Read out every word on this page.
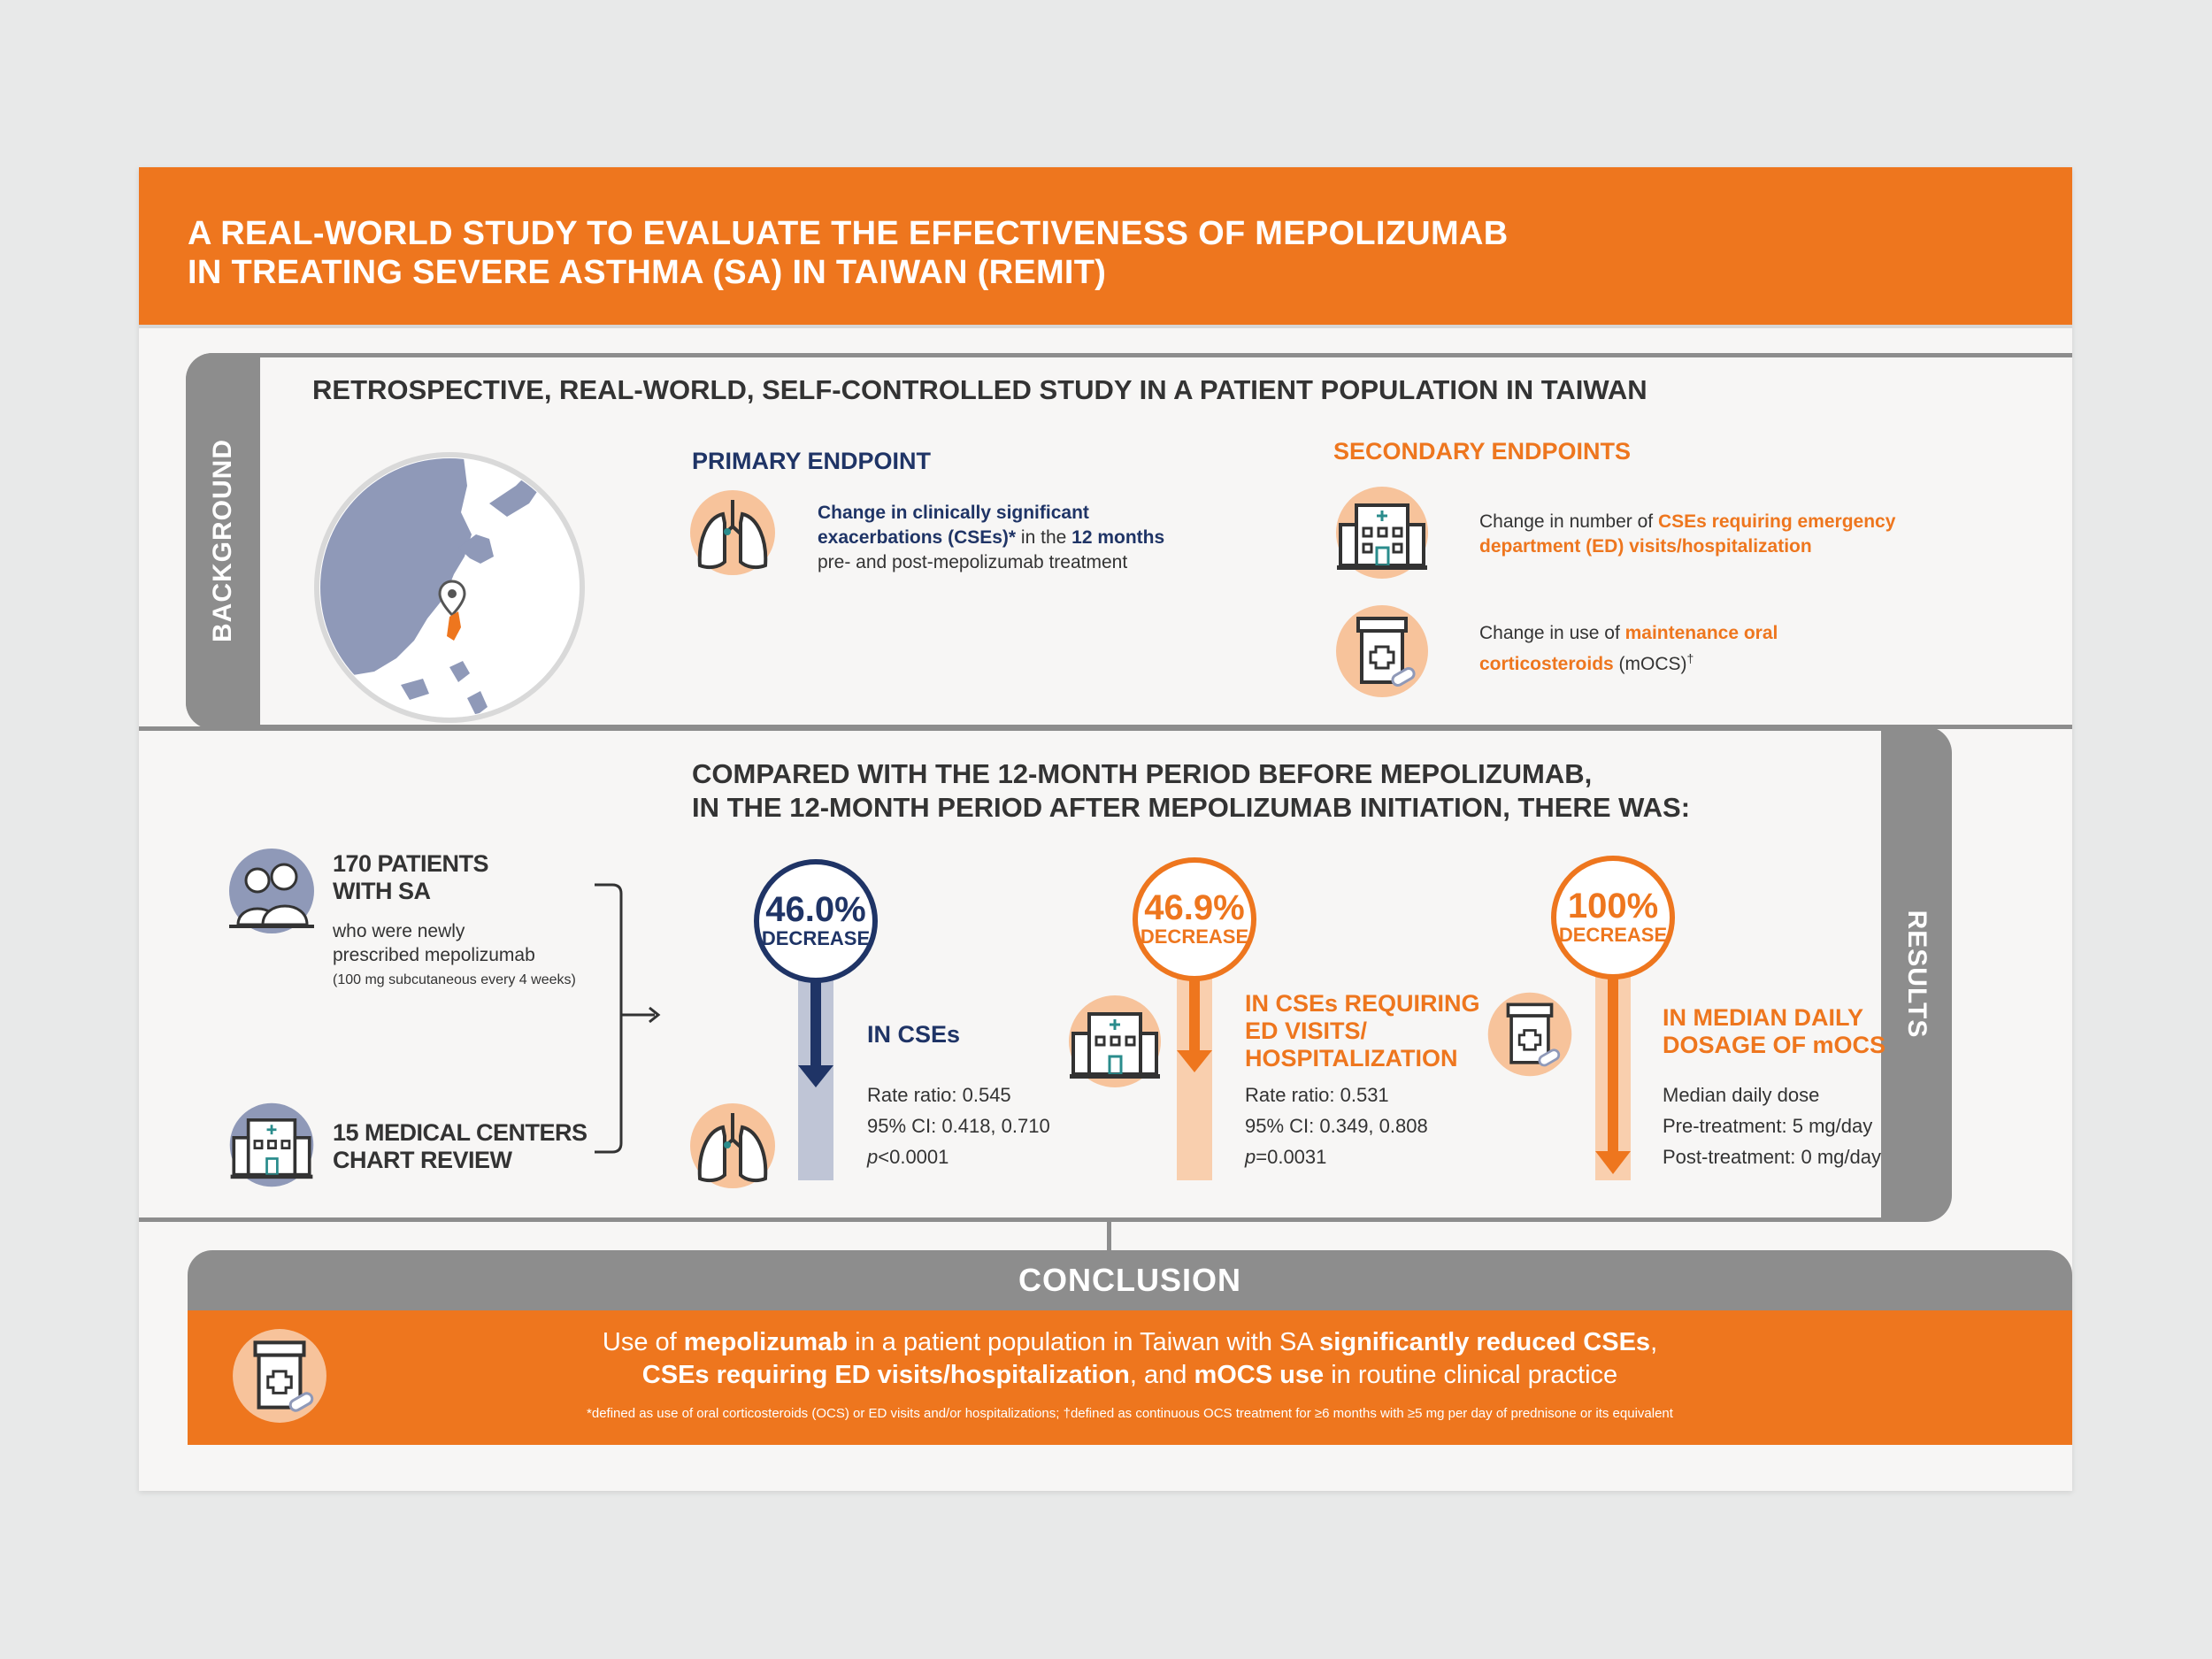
A REAL-WORLD STUDY TO EVALUATE THE EFFECTIVENESS OF MEPOLIZUMAB
IN TREATING SEVERE ASTHMA (SA) IN TAIWAN (REMIT)
BACKGROUND
RETROSPECTIVE, REAL-WORLD, SELF-CONTROLLED STUDY IN A PATIENT POPULATION IN TAIWAN
PRIMARY ENDPOINT
Change in clinically significant
exacerbations (CSEs)* in the 12 months
pre- and post-mepolizumab treatment
SECONDARY ENDPOINTS
Change in number of CSEs requiring emergency
department (ED) visits/hospitalization
Change in use of maintenance oral
corticosteroids (mOCS)†
RESULTS
COMPARED WITH THE 12-MONTH PERIOD BEFORE MEPOLIZUMAB,
IN THE 12-MONTH PERIOD AFTER MEPOLIZUMAB INITIATION, THERE WAS:
170 PATIENTS
WITH SA
who were newly
prescribed mepolizumab
(100 mg subcutaneous every 4 weeks)
15 MEDICAL CENTERS
CHART REVIEW
46.0%
DECREASE
IN CSEs
Rate ratio: 0.545
95% CI: 0.418, 0.710
p<0.0001
46.9%
DECREASE
IN CSEs REQUIRING
ED VISITS/
HOSPITALIZATION
Rate ratio: 0.531
95% CI: 0.349, 0.808
p=0.0031
100%
DECREASE
IN MEDIAN DAILY
DOSAGE OF mOCS
Median daily dose
Pre-treatment: 5 mg/day
Post-treatment: 0 mg/day
CONCLUSION
Use of mepolizumab in a patient population in Taiwan with SA significantly reduced CSEs,
CSEs requiring ED visits/hospitalization, and mOCS use in routine clinical practice
*defined as use of oral corticosteroids (OCS) or ED visits and/or hospitalizations; †defined as continuous OCS treatment for ≥6 months with ≥5 mg per day of prednisone or its equivalent
